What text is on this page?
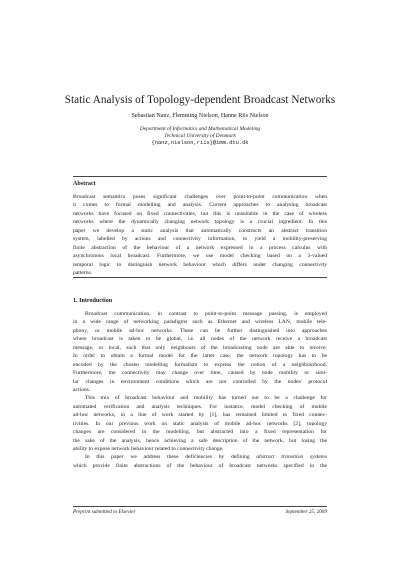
Static Analysis of Topology-dependent Broadcast Networks
Sebastian Nanz, Flemming Nielson, Hanne Riis Nielson
Department of Informatics and Mathematical Modeling
Technical University of Denmark
{nanz,nielson,riis}@imm.dtu.dk
Abstract
Broadcast semantics poses significant challenges over point-to-point communication when
it comes to formal modelling and analysis. Current approaches to analysing broadcast
networks have focused on fixed connectivities, but this is unsuitable in the case of wireless
networks where the dynamically changing network topology is a crucial ingredient. In this
paper we develop a static analysis that automatically constructs an abstract transition
system, labelled by actions and connectivity information, to yield a mobility-preserving
finite abstraction of the behaviour of a network expressed in a process calculus with
asynchronous local broadcast. Furthermore, we use model checking based on a 3-valued
temporal logic to distinguish network behaviour which differs under changing connectivity
patterns.
1. Introduction
Broadcast communication, in contrast to point-to-point message passing, is employed
in a wide range of networking paradigms such as Ethernet and wireless LAN, mobile tele-
phony, or mobile ad-hoc networks. These can be further distinguished into approaches
where broadcast is taken to be global, i.e. all nodes of the network receive a broadcast
message, or local, such that only neighbours of the broadcasting node are able to receive.
In order to obtain a formal model for the latter case, the network topology has to be
encoded by the chosen modelling formalism to express the notion of a neighbourhood.
Furthermore, the connectivity may change over time, caused by node mobility or simi-
lar changes in environment conditions which are not controlled by the nodes' protocol
actions.
This mix of broadcast behaviour and mobility has turned out to be a challenge for
automated verification and analysis techniques. For instance, model checking of mobile
ad-hoc networks, in a line of work started by [1], has remained limited to fixed connec-
tivities. In our previous work on static analysis of mobile ad-hoc networks [2], topology
changes are considered in the modelling, but abstracted into a fixed representation for
the sake of the analysis, hence achieving a safe description of the network, but losing the
ability to expose network behaviour related to connectivity change.
In this paper we address these deficiencies by defining abstract transition systems
which provide finite abstractions of the behaviour of broadcast networks specified in the
Preprint submitted to Elsevier	September 25, 2009
